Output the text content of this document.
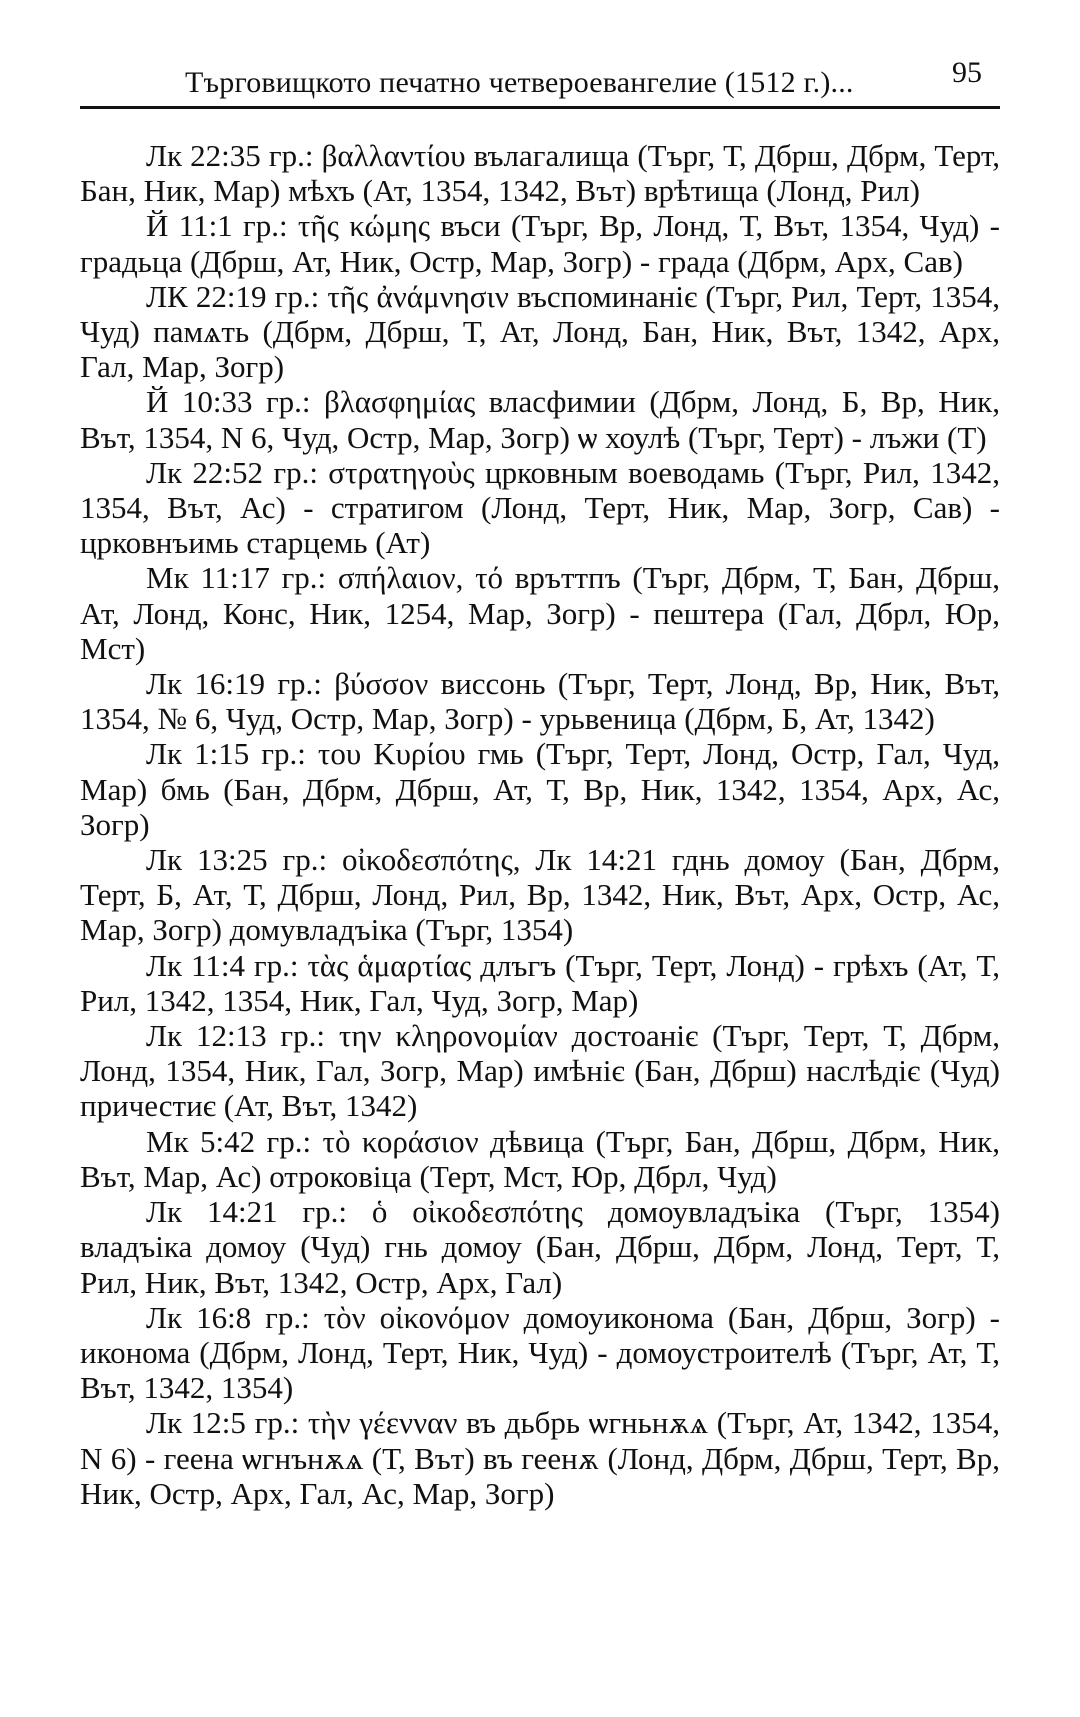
Търговищкото печатно четвероевангелие (1512 г.)...	95

Лк 22:35 гр.: βαλλαντίου вълагалища (Търг, Т, Дбрш, Дбрм, Терт, Бан, Ник, Мар) мѣхъ (Ат, 1354, 1342, Вът) врѣтища (Лонд, Рил)

Й 11:1 гр.: τῆς κώμης въси (Търг, Вр, Лонд, Т, Вът, 1354, Чуд) - градьца (Дбрш, Ат, Ник, Остр, Мар, Зогр) - града (Дбрм, Арх, Сав)

ЛК 22:19 гр.: τῆς ἀνάμνησιν въспоминаніє (Търг, Рил, Терт, 1354, Чуд) памѧть (Дбрм, Дбрш, Т, Ат, Лонд, Бан, Ник, Вът, 1342, Арх, Гал, Мар, Зогр)

Й 10:33 гр.: βλασφημίας власфимии (Дбрм, Лонд, Б, Вр, Ник, Вът, 1354, N 6, Чуд, Остр, Мар, Зогр) ѡ хоулѣ (Търг, Терт) - лъжи (Т)

Лк 22:52 гр.: στρατηγοὺς црковным воеводамь (Търг, Рил, 1342, 1354, Вът, Ас) - стратигом (Лонд, Терт, Ник, Мар, Зогр, Сав) - црковнъимь старцемь (Ат)

Мк 11:17 гр.: σπήλαιον, τό връттпъ (Търг, Дбрм, Т, Бан, Дбрш, Ат, Лонд, Конс, Ник, 1254, Мар, Зогр) - пештера (Гал, Дбрл, Юр, Мст)

Лк 16:19 гр.: βύσσον виссонь (Търг, Терт, Лонд, Вр, Ник, Вът, 1354, № 6, Чуд, Остр, Мар, Зогр) - урьвеница (Дбрм, Б, Ат, 1342)

Лк 1:15 гр.: του Κυρίου гмь (Търг, Терт, Лонд, Остр, Гал, Чуд, Мар) бмь (Бан, Дбрм, Дбрш, Ат, Т, Вр, Ник, 1342, 1354, Арх, Ас, Зогр)

Лк 13:25 гр.: οἰκοδεσπότης, Лк 14:21 гднь домоу (Бан, Дбрм, Терт, Б, Ат, Т, Дбрш, Лонд, Рил, Вр, 1342, Ник, Вът, Арх, Остр, Ас, Мар, Зогр) домувладъіка (Търг, 1354)

Лк 11:4 гр.: τὰς ἁμαρτίας длъгъ (Търг, Терт, Лонд) - грѣхъ (Ат, Т, Рил, 1342, 1354, Ник, Гал, Чуд, Зогр, Мар)

Лк 12:13 гр.: την κληρονομίαν достоаніє (Търг, Терт, Т, Дбрм, Лонд, 1354, Ник, Гал, Зогр, Мар) имѣніє (Бан, Дбрш) наслѣдіє (Чуд) причестиє (Ат, Вът, 1342)

Мк 5:42 гр.: τὸ κοράσιον дѣвица (Търг, Бан, Дбрш, Дбрм, Ник, Вът, Мар, Ас) отроковіца (Терт, Мст, Юр, Дбрл, Чуд)

Лк 14:21 гр.: ὁ οἰκοδεσπότης домоувладъіка (Търг, 1354) владъіка домоу (Чуд) гнь домоу (Бан, Дбрш, Дбрм, Лонд, Терт, Т, Рил, Ник, Вът, 1342, Остр, Арх, Гал)

Лк 16:8 гр.: τὸν οἰκονόμον домоуиконома (Бан, Дбрш, Зогр) - иконома (Дбрм, Лонд, Терт, Ник, Чуд) - домоустроителѣ (Търг, Ат, Т, Вът, 1342, 1354)

Лк 12:5 гр.: τὴν γέενναν въ дьбрь ѡгньнѫѧ (Търг, Ат, 1342, 1354, N 6) - геена ѡгнънѫѧ (Т, Вът) въ геенѫ (Лонд, Дбрм, Дбрш, Терт, Вр, Ник, Остр, Арх, Гал, Ас, Мар, Зогр)
